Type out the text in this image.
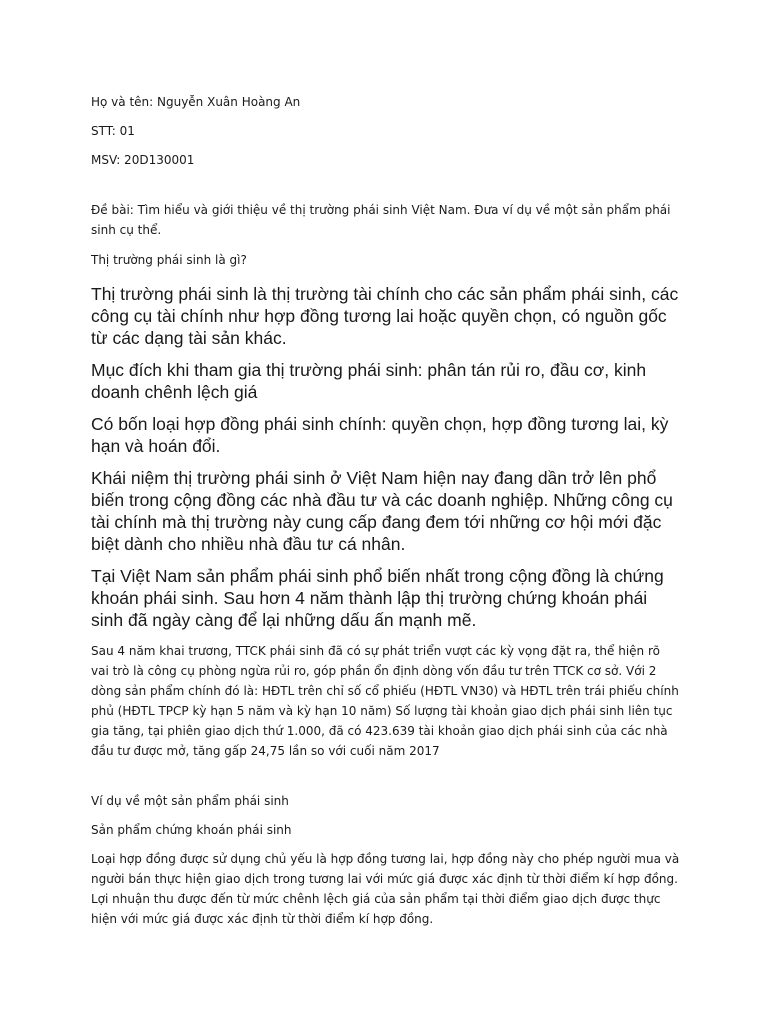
Họ và tên: Nguyễn Xuân Hoàng An

STT: 01

MSV: 20D130001

Đề bài: Tìm hiểu và giới thiệu về thị trường phái sinh Việt Nam. Đưa ví dụ về một sản phẩm phái sinh cụ thể.

Thị trường phái sinh là gì?

Thị trường phái sinh là thị trường tài chính cho các sản phẩm phái sinh, các công cụ tài chính như hợp đồng tương lai hoặc quyền chọn, có nguồn gốc từ các dạng tài sản khác.

Mục đích khi tham gia thị trường phái sinh: phân tán rủi ro, đầu cơ, kinh doanh chênh lệch giá

Có bốn loại hợp đồng phái sinh chính: quyền chọn, hợp đồng tương lai, kỳ hạn và hoán đổi.

Khái niệm thị trường phái sinh ở Việt Nam hiện nay đang dần trở lên phổ biến trong cộng đồng các nhà đầu tư và các doanh nghiệp. Những công cụ tài chính mà thị trường này cung cấp đang đem tới những cơ hội mới đặc biệt dành cho nhiều nhà đầu tư cá nhân.

Tại Việt Nam sản phẩm phái sinh phổ biến nhất trong cộng đồng là chứng khoán phái sinh. Sau hơn 4 năm thành lập thị trường chứng khoán phái sinh đã ngày càng để lại những dấu ấn mạnh mẽ.

Sau 4 năm khai trương, TTCK phái sinh đã có sự phát triển vượt các kỳ vọng đặt ra, thể hiện rõ vai trò là công cụ phòng ngừa rủi ro, góp phần ổn định dòng vốn đầu tư trên TTCK cơ sở. Với 2 dòng sản phẩm chính đó là: HĐTL trên chỉ số cổ phiếu (HĐTL VN30) và HĐTL trên trái phiếu chính phủ (HĐTL TPCP kỳ hạn 5 năm và kỳ hạn 10 năm) Số lượng tài khoản giao dịch phái sinh liên tục gia tăng, tại phiên giao dịch thứ 1.000, đã có 423.639 tài khoản giao dịch phái sinh của các nhà đầu tư được mở, tăng gấp 24,75 lần so với cuối năm 2017

Ví dụ về một sản phẩm phái sinh

Sản phẩm chứng khoán phái sinh

Loại hợp đồng được sử dụng chủ yếu là hợp đồng tương lai, hợp đồng này cho phép người mua và người bán thực hiện giao dịch trong tương lai với mức giá được xác định từ thời điểm kí hợp đồng. Lợi nhuận thu được đến từ mức chênh lệch giá của sản phẩm tại thời điểm giao dịch được thực hiện với mức giá được xác định từ thời điểm kí hợp đồng.
